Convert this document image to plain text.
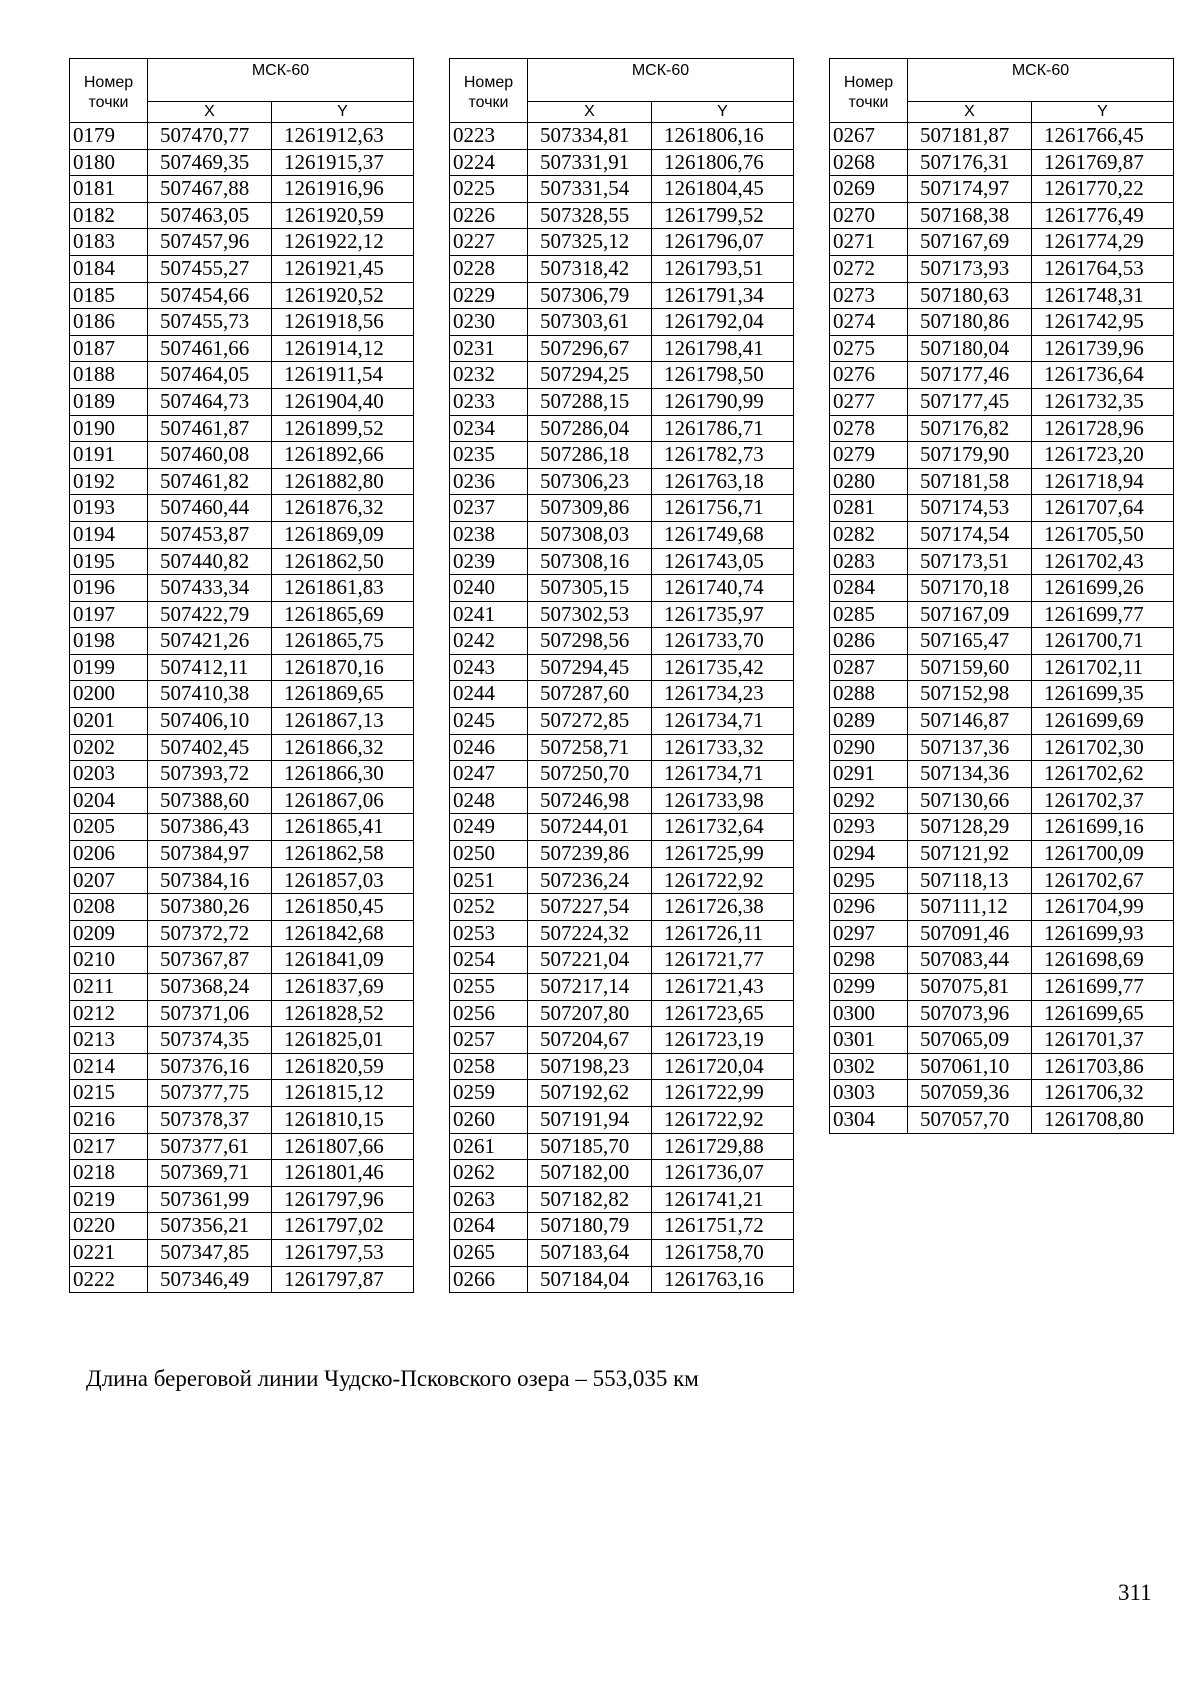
Номер
точки	МСК-60	
	X	Y
0179	507470,77	1261912,63
0180	507469,35	1261915,37
0181	507467,88	1261916,96
0182	507463,05	1261920,59
0183	507457,96	1261922,12
0184	507455,27	1261921,45
0185	507454,66	1261920,52
0186	507455,73	1261918,56
0187	507461,66	1261914,12
0188	507464,05	1261911,54
0189	507464,73	1261904,40
0190	507461,87	1261899,52
0191	507460,08	1261892,66
0192	507461,82	1261882,80
0193	507460,44	1261876,32
0194	507453,87	1261869,09
0195	507440,82	1261862,50
0196	507433,34	1261861,83
0197	507422,79	1261865,69
0198	507421,26	1261865,75
0199	507412,11	1261870,16
0200	507410,38	1261869,65
0201	507406,10	1261867,13
0202	507402,45	1261866,32
0203	507393,72	1261866,30
0204	507388,60	1261867,06
0205	507386,43	1261865,41
0206	507384,97	1261862,58
0207	507384,16	1261857,03
0208	507380,26	1261850,45
0209	507372,72	1261842,68
0210	507367,87	1261841,09
0211	507368,24	1261837,69
0212	507371,06	1261828,52
0213	507374,35	1261825,01
0214	507376,16	1261820,59
0215	507377,75	1261815,12
0216	507378,37	1261810,15
0217	507377,61	1261807,66
0218	507369,71	1261801,46
0219	507361,99	1261797,96
0220	507356,21	1261797,02
0221	507347,85	1261797,53
0222	507346,49	1261797,87
Номер
точки	МСК-60	
	X	Y
0223	507334,81	1261806,16
0224	507331,91	1261806,76
0225	507331,54	1261804,45
0226	507328,55	1261799,52
0227	507325,12	1261796,07
0228	507318,42	1261793,51
0229	507306,79	1261791,34
0230	507303,61	1261792,04
0231	507296,67	1261798,41
0232	507294,25	1261798,50
0233	507288,15	1261790,99
0234	507286,04	1261786,71
0235	507286,18	1261782,73
0236	507306,23	1261763,18
0237	507309,86	1261756,71
0238	507308,03	1261749,68
0239	507308,16	1261743,05
0240	507305,15	1261740,74
0241	507302,53	1261735,97
0242	507298,56	1261733,70
0243	507294,45	1261735,42
0244	507287,60	1261734,23
0245	507272,85	1261734,71
0246	507258,71	1261733,32
0247	507250,70	1261734,71
0248	507246,98	1261733,98
0249	507244,01	1261732,64
0250	507239,86	1261725,99
0251	507236,24	1261722,92
0252	507227,54	1261726,38
0253	507224,32	1261726,11
0254	507221,04	1261721,77
0255	507217,14	1261721,43
0256	507207,80	1261723,65
0257	507204,67	1261723,19
0258	507198,23	1261720,04
0259	507192,62	1261722,99
0260	507191,94	1261722,92
0261	507185,70	1261729,88
0262	507182,00	1261736,07
0263	507182,82	1261741,21
0264	507180,79	1261751,72
0265	507183,64	1261758,70
0266	507184,04	1261763,16
Номер
точки	МСК-60	
	X	Y
0267	507181,87	1261766,45
0268	507176,31	1261769,87
0269	507174,97	1261770,22
0270	507168,38	1261776,49
0271	507167,69	1261774,29
0272	507173,93	1261764,53
0273	507180,63	1261748,31
0274	507180,86	1261742,95
0275	507180,04	1261739,96
0276	507177,46	1261736,64
0277	507177,45	1261732,35
0278	507176,82	1261728,96
0279	507179,90	1261723,20
0280	507181,58	1261718,94
0281	507174,53	1261707,64
0282	507174,54	1261705,50
0283	507173,51	1261702,43
0284	507170,18	1261699,26
0285	507167,09	1261699,77
0286	507165,47	1261700,71
0287	507159,60	1261702,11
0288	507152,98	1261699,35
0289	507146,87	1261699,69
0290	507137,36	1261702,30
0291	507134,36	1261702,62
0292	507130,66	1261702,37
0293	507128,29	1261699,16
0294	507121,92	1261700,09
0295	507118,13	1261702,67
0296	507111,12	1261704,99
0297	507091,46	1261699,93
0298	507083,44	1261698,69
0299	507075,81	1261699,77
0300	507073,96	1261699,65
0301	507065,09	1261701,37
0302	507061,10	1261703,86
0303	507059,36	1261706,32
0304	507057,70	1261708,80
Длина береговой линии Чудско-Псковского озера – 553,035 км
311
